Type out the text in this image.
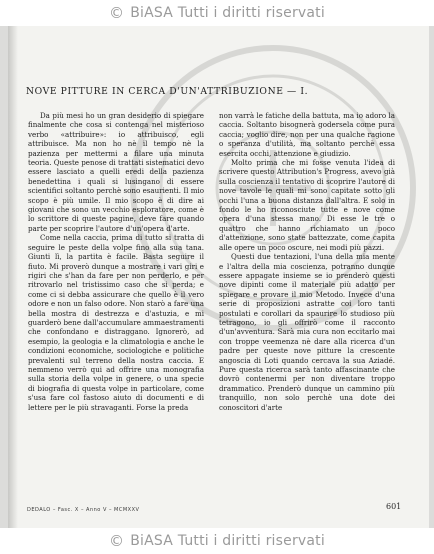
© BiASA Tutti i diritti riservati
NOVE PITTURE IN CERCA D'UN'ATTRIBUZIONE — I.

Da più mesi ho un gran desiderio di spiegare finalmente che cosa si contenga nel misterioso verbo «attribuire»: io attribuisco, egli attribuisce. Ma non ho nè il tempo nè la pazienza per mettermi a filare una minuta teoria. Queste penose di trattati sistematici devo essere lasciato a quelli eredi della pazienza benedettina i quali si lusingano di essere scientifici soltanto perchè sono esaurienti. Il mio scopo è più umile. Il mio scopo è di dire ai giovani che sono un vecchio esploratore, come è lo scrittore di queste pagine, deve fare quando parte per scoprire l'autore d'un'opera d'arte.

Come nella caccia, prima di tutto si tratta di seguire le peste della volpe fino alla sua tana. Giunti lì, la partita è facile. Basta seguire il fiuto. Mi proverò dunque a mostrare i vari giri e rigiri che s'han da fare per non perderlo, e per ritrovarlo nel tristissimo caso che si perda; e come ci si debba assicurare che quello è il vero odore e non un falso odore. Non starò a fare una bella mostra di destrezza e d'astuzia, e mi guarderò bene dall'accumulare ammaestramenti che confondano e distraggano. Ignorerò, ad esempio, la geologia e la climatologia e anche le condizioni economiche, sociologiche e politiche prevalenti sul terreno della nostra caccia. E nemmeno verrò qui ad offrire una monografia sulla storia della volpe in genere, o una specie di biografia di questa volpe in particolare, come s'usa fare col fastoso aiuto di documenti e di lettere per le più stravaganti. Forse la preda

non varrà le fatiche della battuta, ma io adoro la caccia. Soltanto bisognerà godersela come pura caccia; voglio dire, non per una qualche ragione o speranza d'utilità, ma soltanto perchè essa esercita occhi, attenzione e giudizio.

Molto prima che mi fosse venuta l'idea di scrivere questo Attribution's Progress, avevo già sulla coscienza il tentativo di scoprire l'autore di nove tavole le quali mi sono capitate sotto gli occhi l'una a buona distanza dall'altra. E solo in fondo le ho riconosciute tutte e nove come opera d'una stessa mano. Di esse le tre o quattro che hanno richiamato un poco d'attenzione, sono state battezzate, come capita alle opere un poco oscure, nei modi più pazzi.

Questi due tentazioni, l'una della mia mente e l'altra della mia coscienza, potranno dunque essere appagate insieme se io prenderò questi nove dipinti come il materiale più adatto per spiegare e provare il mio Metodo. Invece d'una serie di proposizioni astratte coi loro tanti postulati e corollari da spaurire lo studioso più tetragono, io gli offrirò come il racconto d'un'avventura. Sarà mia cura non eccitarlo mai con troppe veemenza nè dare alla ricerca d'un padre per queste nove pitture la crescente angoscia di Loti quando cercava la sua Aziadé. Pure questa ricerca sarà tanto affascinante che dovrò contenermi per non diventare troppo drammatico. Prenderò dunque un cammino più tranquillo, non solo perchè una dote dei conoscitori d'arte

DEDALO – Fasc. X – Anno V – MCMXXV	601
© BiASA Tutti i diritti riservati
